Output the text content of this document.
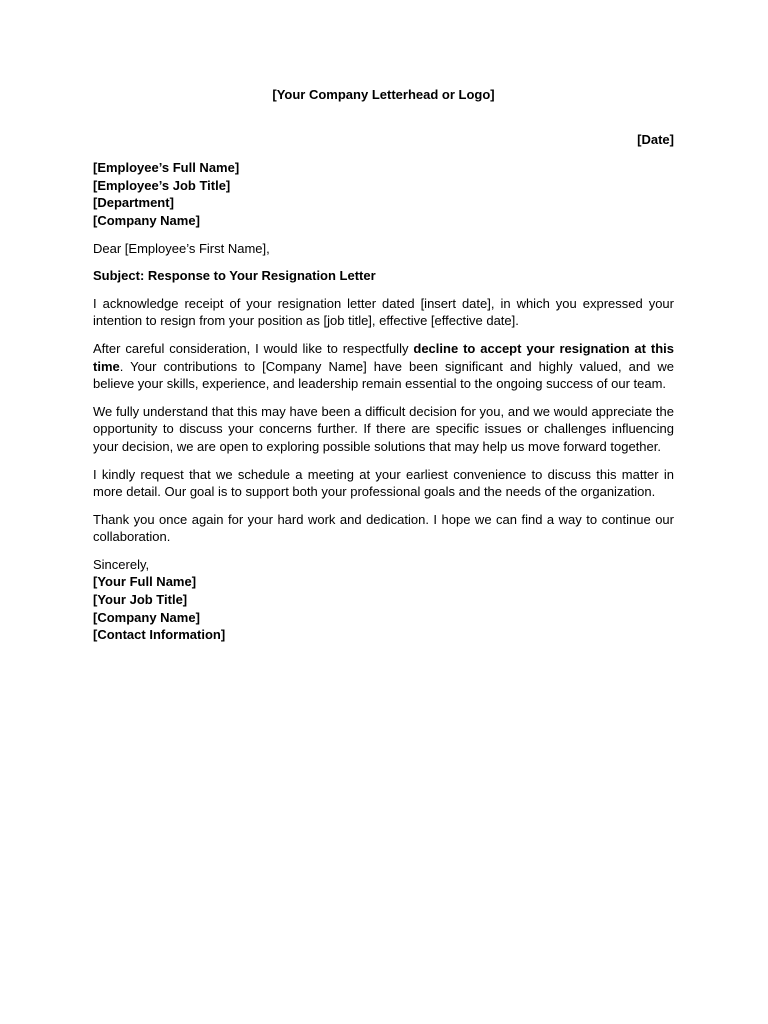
[Your Company Letterhead or Logo]
[Date]
[Employee’s Full Name]
[Employee’s Job Title]
[Department]
[Company Name]
Dear [Employee’s First Name],
Subject: Response to Your Resignation Letter

I acknowledge receipt of your resignation letter dated [insert date], in which you expressed your intention to resign from your position as [job title], effective [effective date].

After careful consideration, I would like to respectfully decline to accept your resignation at this time. Your contributions to [Company Name] have been significant and highly valued, and we believe your skills, experience, and leadership remain essential to the ongoing success of our team.

We fully understand that this may have been a difficult decision for you, and we would appreciate the opportunity to discuss your concerns further. If there are specific issues or challenges influencing your decision, we are open to exploring possible solutions that may help us move forward together.

I kindly request that we schedule a meeting at your earliest convenience to discuss this matter in more detail. Our goal is to support both your professional goals and the needs of the organization.

Thank you once again for your hard work and dedication. I hope we can find a way to continue our collaboration.

Sincerely,
[Your Full Name]
[Your Job Title]
[Company Name]
[Contact Information]
